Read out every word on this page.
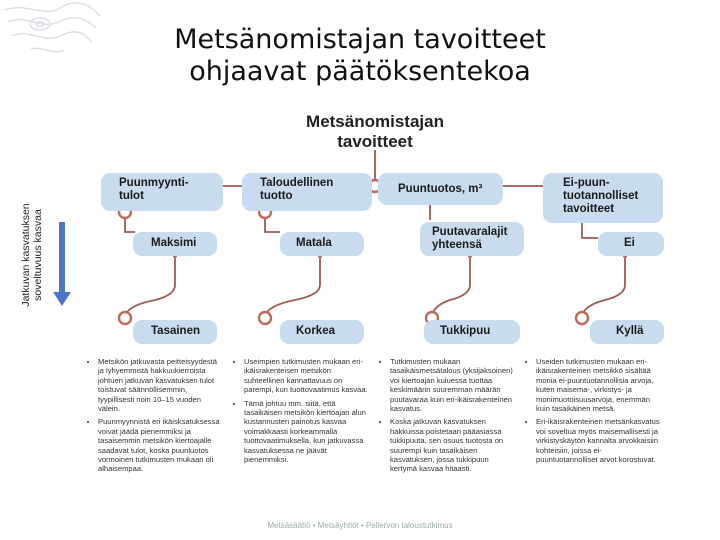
Metsänomistajan tavoitteet
ohjaavat päätöksentekoa
Metsänomistajan
tavoitteet
Jatkuvan kasvatuksen soveltuvuus kasvaa
Puunmyynti-
tulot
Maksimi
Tasainen
Taloudellinen
tuotto
Matala
Korkea
Puuntuotos, m³
Puutavaralajit
yhteensä
Tukkipuu
Ei-puun-
tuotannolliset
tavoitteet
Ei
Kyllä
• Metsikön jatkuvasta peitteisyydestä ja lyhyemmistä hakkuukierroista johtuen jatkuvan kasvatuksen tulot toistuvat säännöllisemmin, tyypillisesti noin 10–15 vuoden välein.
• Puunmyynnistä eri ikäisksatuksessa voivat jäädä pienemmiksi ja tasaisemmin metsikön kiertoajalle saadavat tulot, koska puunluotos vormoinen tutkimusten mukaan oli alhaisempaa.
• Useimpien tutkimusten mukaan eri-ikäisrakenteisen metsikön suhteellinen kannattavuus on parempi, kun tuottovaatimus kasvaa.
• Tämä johtuu mm. siitä, että tasaikäisen metsikön kiertoajan alun kustannusten painotus kasvaa voimakkaasti korkeammalla tuottovaatimuksella, kun jatkuvassa kasvatuksessa ne jäävät pienemmiksi.
• Tutkimusten mukaan tasaikäismetsätalous (yksijaksoinen) voi kiertoajan kuluessa tuottaa keskimäärin suuremman määrän puutavaraa kuin eri-ikäisrakenteinen kasvatus.
• Koska jatkuvan kasvatuksen hakkuissa poistetaan pääasiassa tukkipuuta, sen osuus tuotosta on suurempi kuin tasaikäisen kasvatuksen, jossa tukkipuun kertymä kasvaa hitaasti.
• Useiden tutkimusten mukaan eri-ikäisrakenteinen metsikkö sisältää monia ei-puuntuotannollisia arvoja, kuten maisema-, virkistys- ja monimuotoisuusarvoja, enemmän kuin tasaikäinen metsä.
• Eri-ikäisrakenteinen metsänkasvatus voi soveltua myös maisemallisesti ja virkistyskäytön kannalta arvokkaisiin kohteisiin, joissa ei-puuntuotannolliset arvot korostuvat.
Metsäsäätiö • Metsäyhtiöt • Pellervon taloustutkimus
